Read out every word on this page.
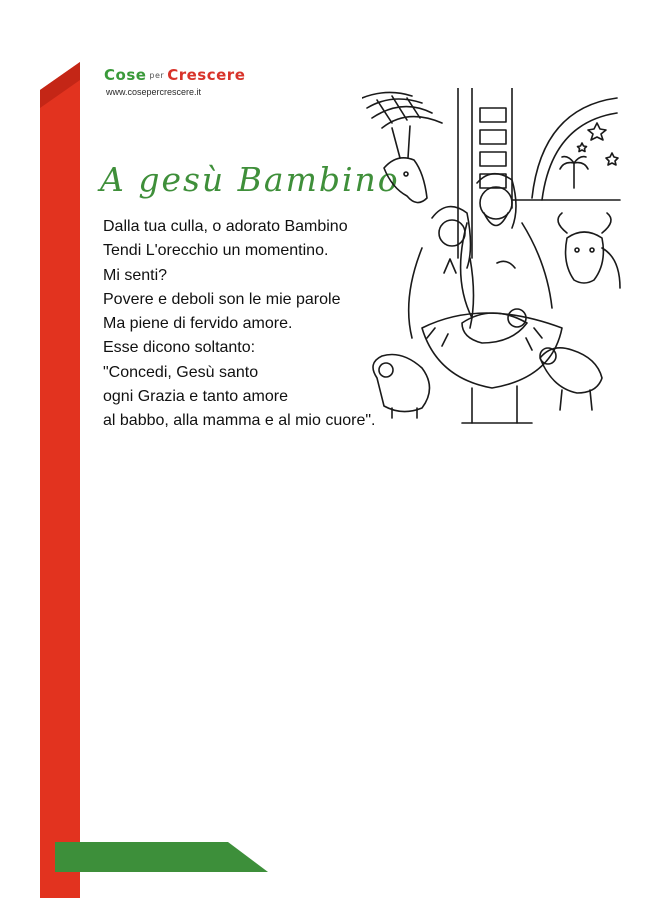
Cose per Crescere
www.cosepercrescere.it
A gesù Bambino
Dalla tua culla, o adorato Bambino
Tendi L'orecchio un momentino.
Mi senti?
Povere e deboli son le mie parole
Ma piene di fervido amore.
Esse dicono soltanto:
"Concedi, Gesù santo
ogni Grazia e tanto amore
al babbo, alla mamma e al mio cuore".
